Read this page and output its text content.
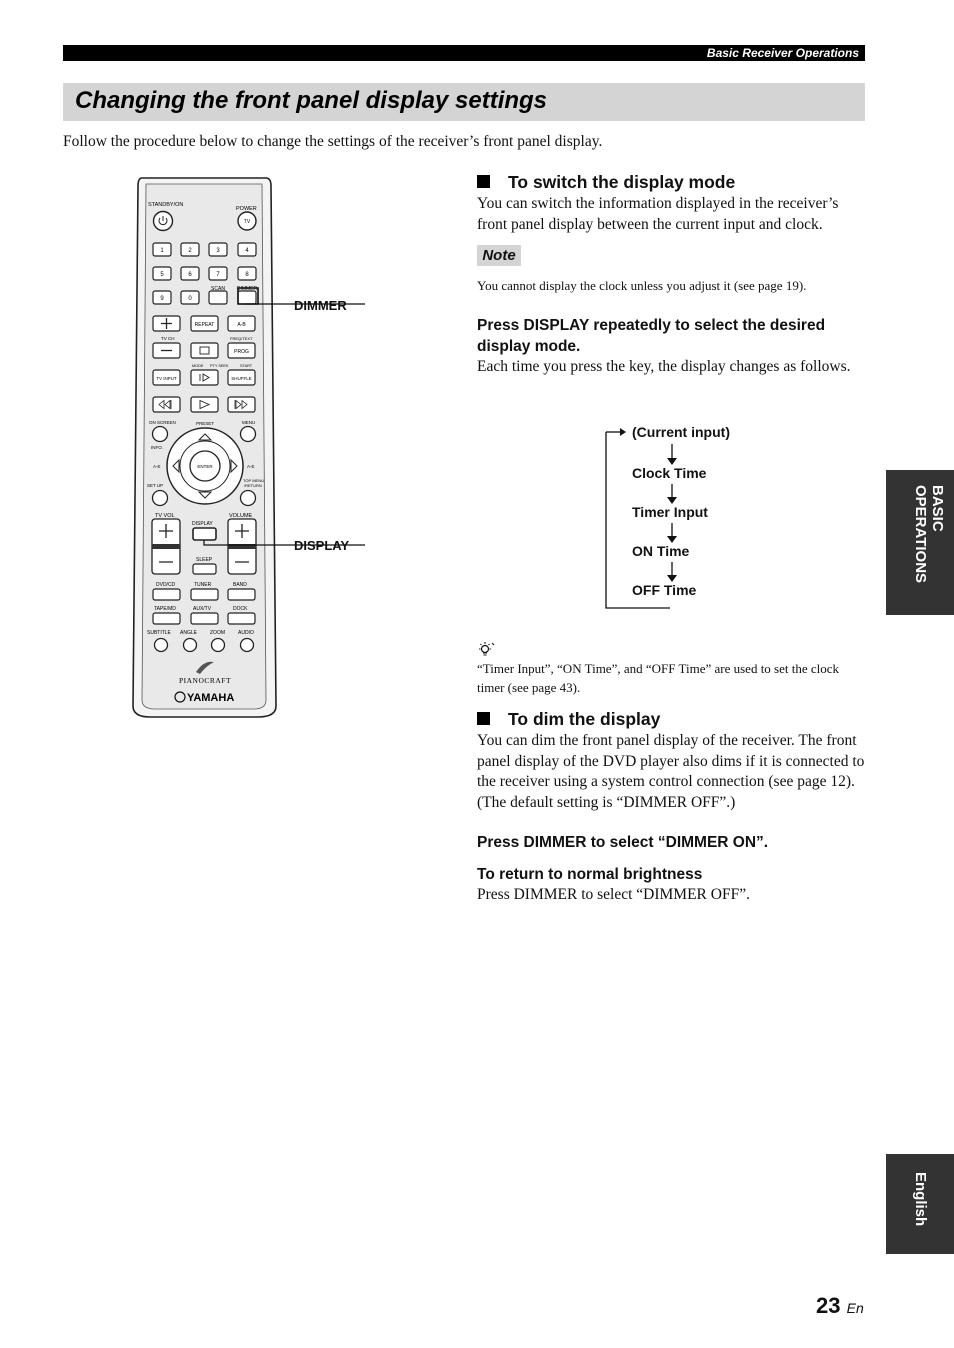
Basic Receiver Operations
Changing the front panel display settings
Follow the procedure below to change the settings of the receiver’s front panel display.
STANDBY/ON
POWER
TV
1	2	3	4
5	6	7	8
9	0
SCAN DIMMER
REPEAT	A-B
TV CH	FREQ/TEXT
PROG
MODE PTY SEEK	START
TV INPUT	SHUFFLE
ON SCREEN	PRESET	MENU
INFO.
ENTER
A-E	A-E
SET UP
TOP MENU
/RETURN
TV VOL	VOLUME
DISPLAY
SLEEP
DVD/CD	TUNER	BAND
TAPE/MD	AUX/TV	DOCK
SUBTITLE ANGLE	ZOOM	AUDIO
PIANOCRAFT
YAMAHA
DIMMER
DISPLAY
To switch the display mode
You can switch the information displayed in the receiver’s front panel display between the current input and clock.
Note
You cannot display the clock unless you adjust it (see page 19).
Press DISPLAY repeatedly to select the desired display mode.
Each time you press the key, the display changes as follows.
(Current input)
Clock Time
Timer Input
ON Time
OFF Time
“Timer Input”, “ON Time”, and “OFF Time” are used to set the clock timer (see page 43).
To dim the display
You can dim the front panel display of the receiver. The front panel display of the DVD player also dims if it is connected to the receiver using a system control connection (see page 12). (The default setting is “DIMMER OFF”.)
Press DIMMER to select “DIMMER ON”.
To return to normal brightness
Press DIMMER to select “DIMMER OFF”.
BASIC
OPERATIONS
English
23 En
